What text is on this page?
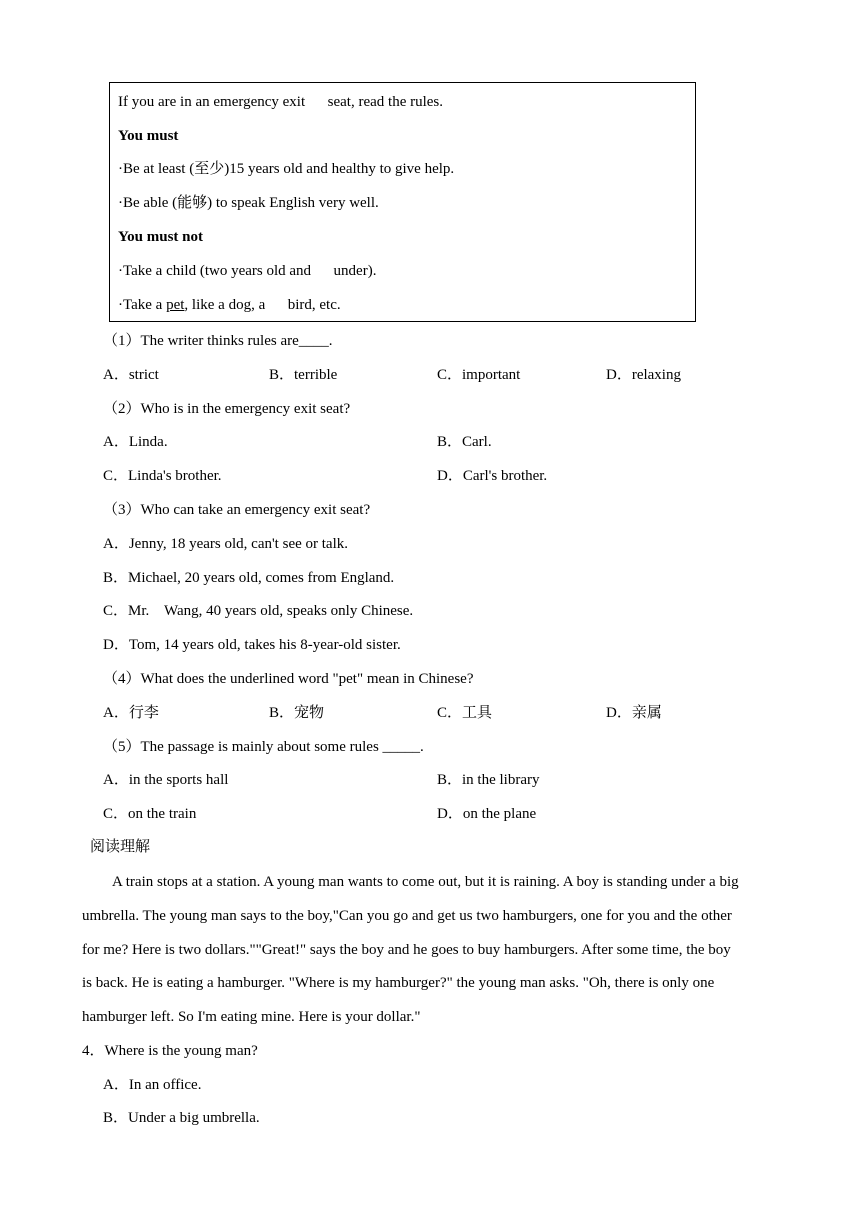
If you are in an emergency exit      seat, read the rules.
You must
·Be at least (至少)15 years old and healthy to give help.
·Be able (能够) to speak English very well.
You must not
·Take a child (two years old and      under).
·Take a pet, like a dog, a      bird, etc.
（1）The writer thinks rules are____.
A．strict	B．terrible	C．important	D．relaxing
（2）Who is in the emergency exit seat?
A．Linda.	B．Carl.
C．Linda's brother.	D．Carl's brother.
（3）Who can take an emergency exit seat?
A．Jenny, 18 years old, can't see or talk.
B．Michael, 20 years old, comes from England.
C．Mr.    Wang, 40 years old, speaks only Chinese.
D．Tom, 14 years old, takes his 8-year-old sister.
（4）What does the underlined word "pet" mean in Chinese?
A．行李	B．宠物	C．工具	D．亲属
（5）The passage is mainly about some rules _____.
A．in the sports hall	B．in the library
C．on the train	D．on the plane
阅读理解
A train stops at a station. A young man wants to come out, but it is raining. A boy is standing under a big
umbrella. The young man says to the boy,"Can you go and get us two hamburgers, one for you and the other
for me? Here is two dollars.""Great!" says the boy and he goes to buy hamburgers. After some time, the boy
is back. He is eating a hamburger. "Where is my hamburger?" the young man asks. "Oh, there is only one
hamburger left. So I'm eating mine. Here is your dollar."
4．Where is the young man?
A．In an office.
B．Under a big umbrella.
